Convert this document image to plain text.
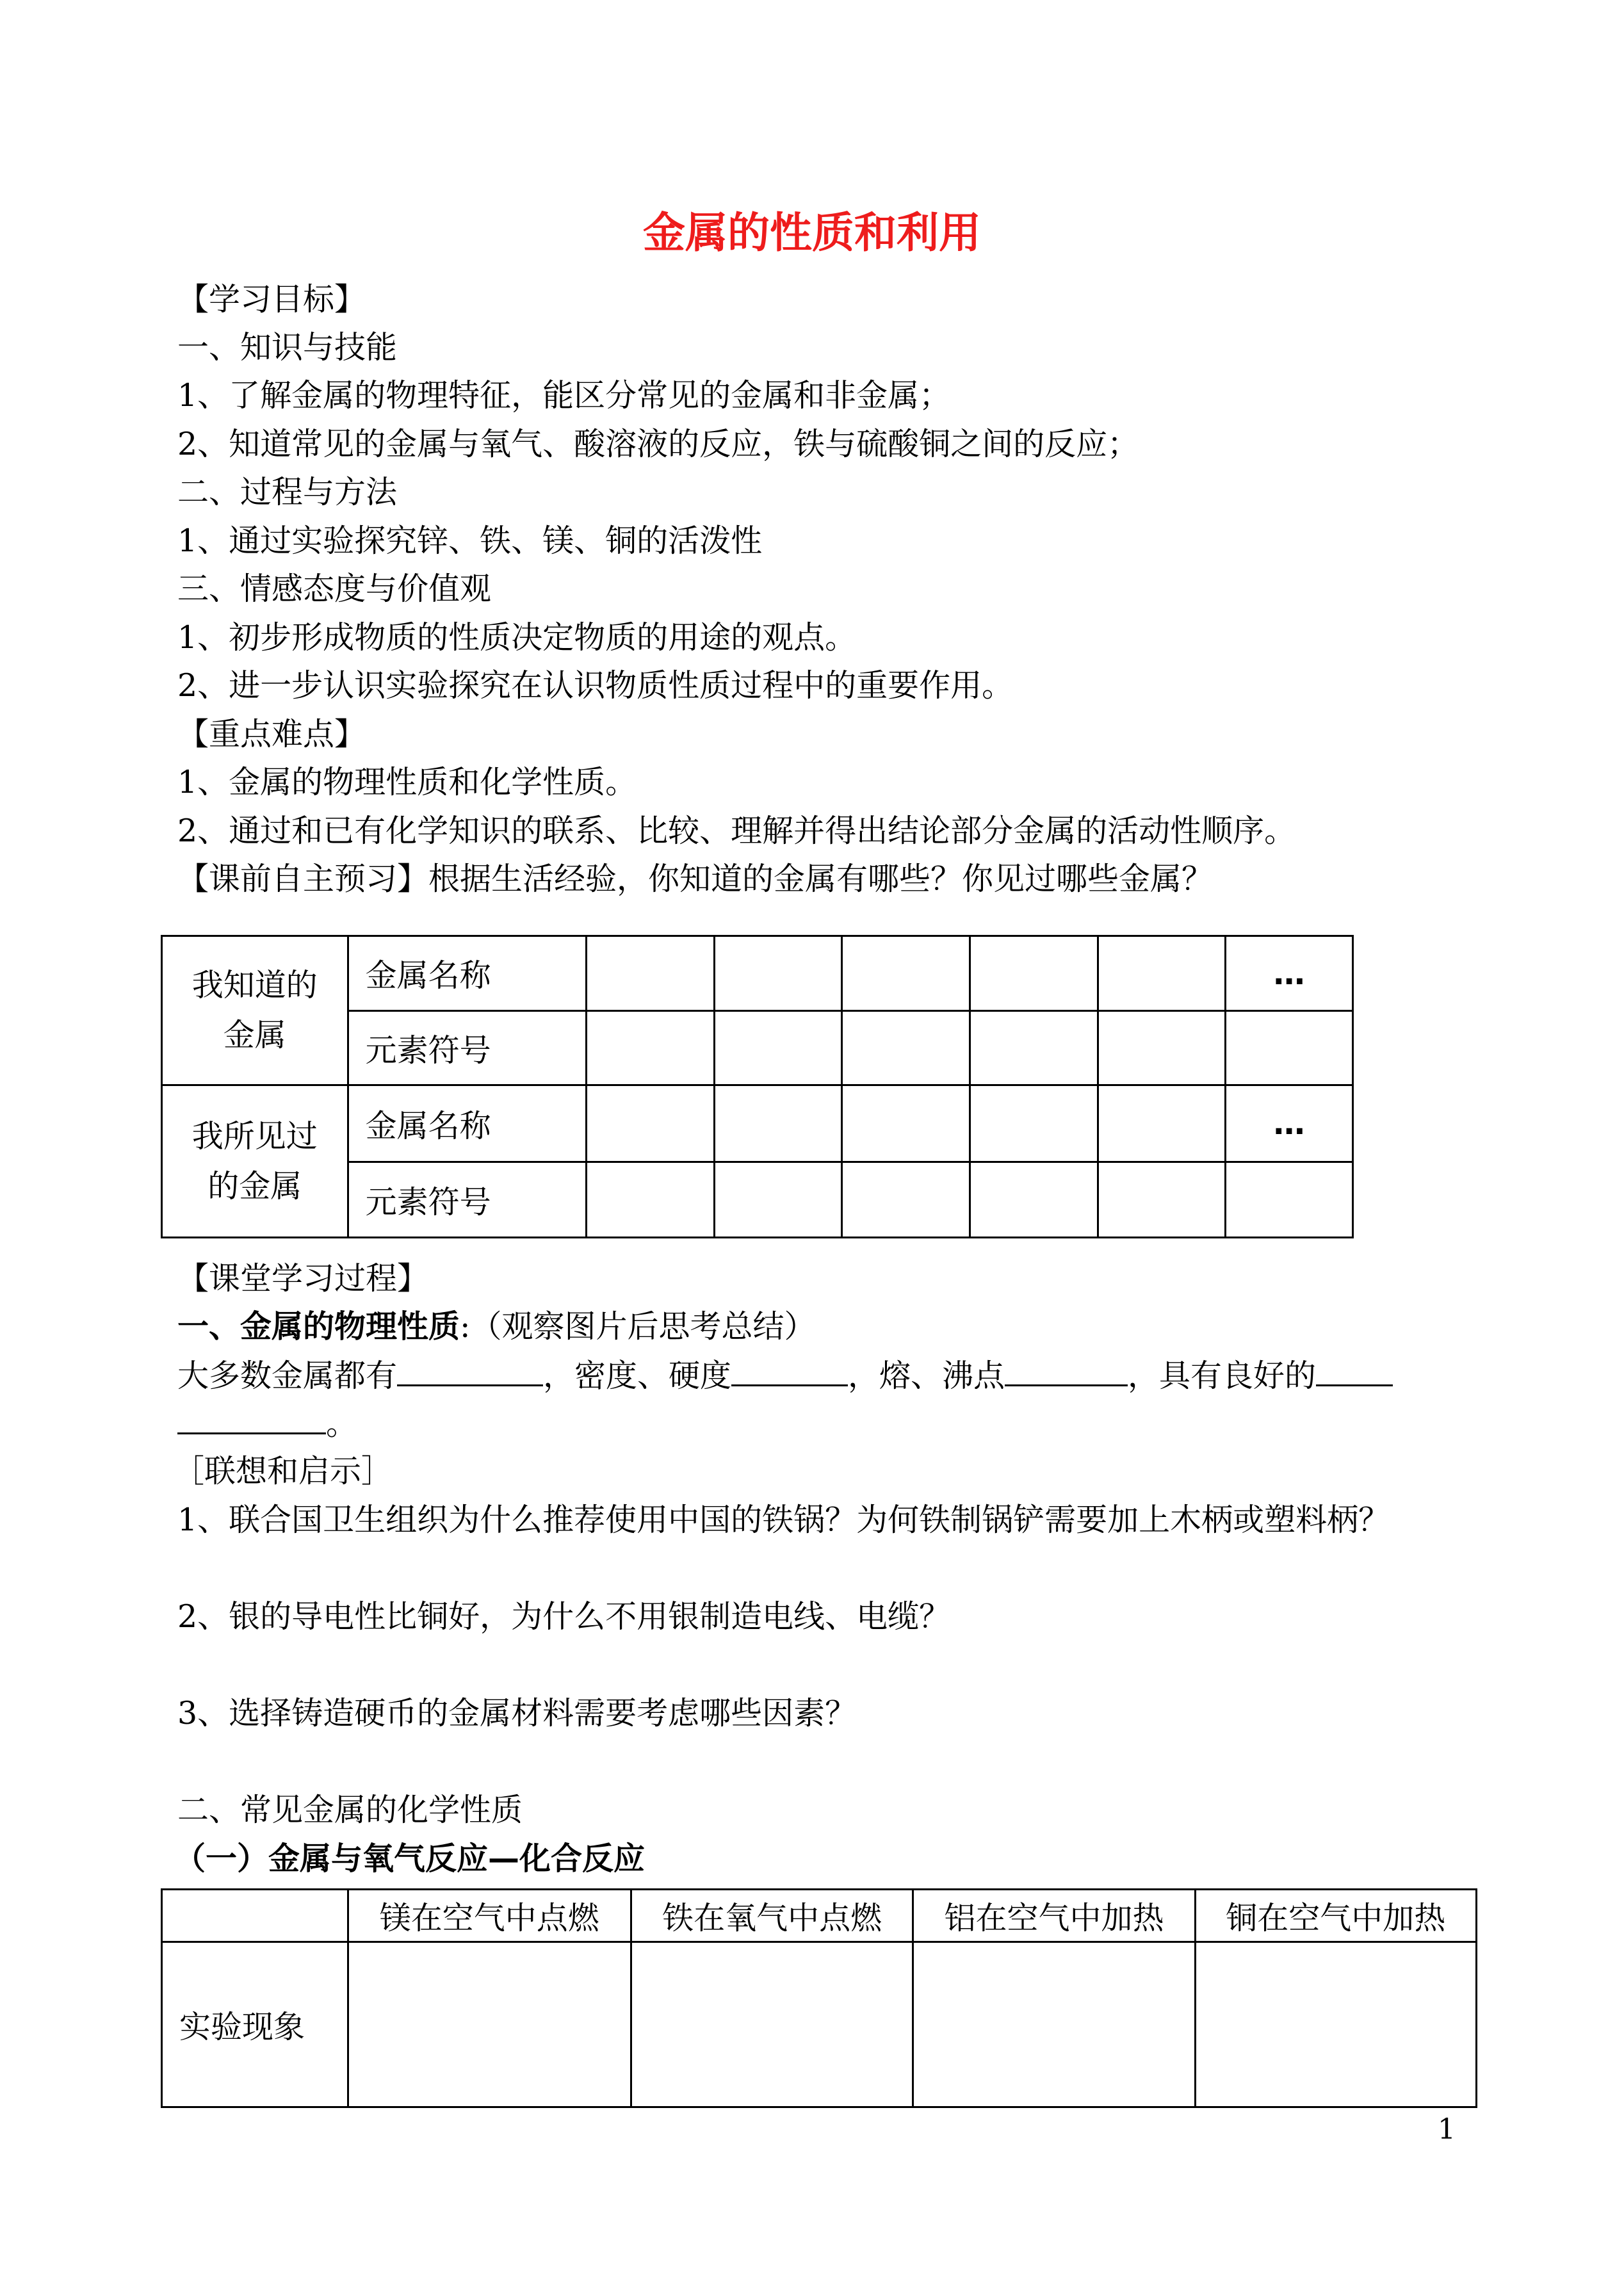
金属的性质和利用
【学习目标】
一、知识与技能
1、了解金属的物理特征，能区分常见的金属和非金属；
2、知道常见的金属与氧气、酸溶液的反应，铁与硫酸铜之间的反应；
二、过程与方法
1、通过实验探究锌、铁、镁、铜的活泼性
三、情感态度与价值观
1、初步形成物质的性质决定物质的用途的观点。
2、进一步认识实验探究在认识物质性质过程中的重要作用。
【重点难点】
1、金属的物理性质和化学性质。
2、通过和已有化学知识的联系、比较、理解并得出结论部分金属的活动性顺序。
【课前自主预习】根据生活经验，你知道的金属有哪些？你见过哪些金属？
我知道的
金属	金属名称						…
	元素符号						

我所见过
的金属	金属名称						…
	元素符号						
【课堂学习过程】
一、金属的物理性质:（观察图片后思考总结）
大多数金属都有	，密度、硬度	，熔、沸点	，具有良好的
。
［联想和启示］
1、联合国卫生组织为什么推荐使用中国的铁锅？为何铁制锅铲需要加上木柄或塑料柄？
2、银的导电性比铜好，为什么不用银制造电线、电缆？
3、选择铸造硬币的金属材料需要考虑哪些因素？
二、常见金属的化学性质
（一）金属与氧气反应—化合反应
	镁在空气中点燃	铁在氧气中点燃	铝在空气中加热	铜在空气中加热
实验现象				
1
